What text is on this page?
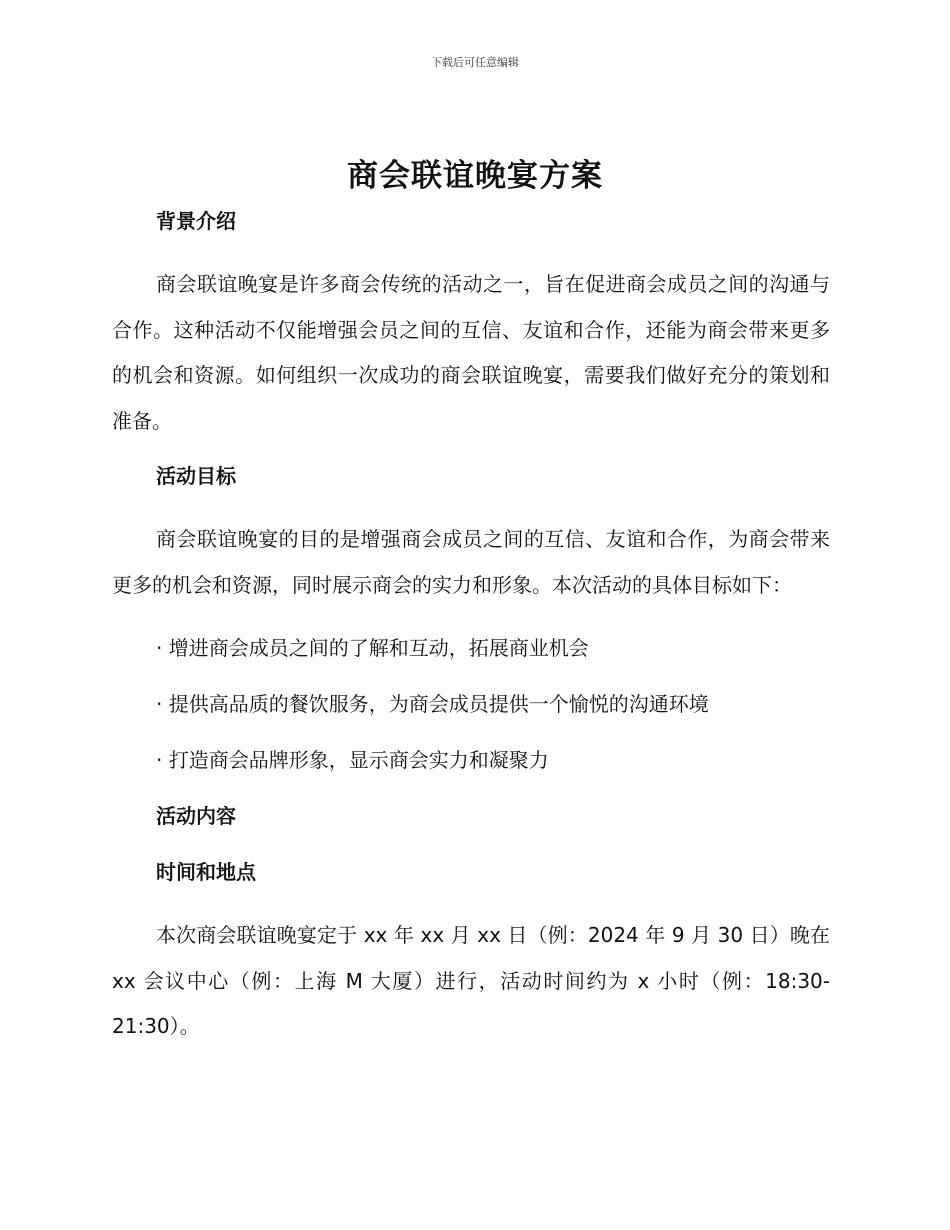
下载后可任意编辑
商会联谊晚宴方案
背景介绍

商会联谊晚宴是许多商会传统的活动之一，旨在促进商会成员之间的沟通与合作。这种活动不仅能增强会员之间的互信、友谊和合作，还能为商会带来更多的机会和资源。如何组织一次成功的商会联谊晚宴，需要我们做好充分的策划和准备。

活动目标

商会联谊晚宴的目的是增强商会成员之间的互信、友谊和合作，为商会带来更多的机会和资源，同时展示商会的实力和形象。本次活动的具体目标如下：

· 增进商会成员之间的了解和互动，拓展商业机会
· 提供高品质的餐饮服务，为商会成员提供一个愉悦的沟通环境
· 打造商会品牌形象，显示商会实力和凝聚力
活动内容
时间和地点

本次商会联谊晚宴定于 xx 年 xx 月 xx 日（例：2024 年 9 月 30 日）晚在 xx 会议中心（例：上海 M 大厦）进行，活动时间约为 x 小时（例：18:30-21:30）。
